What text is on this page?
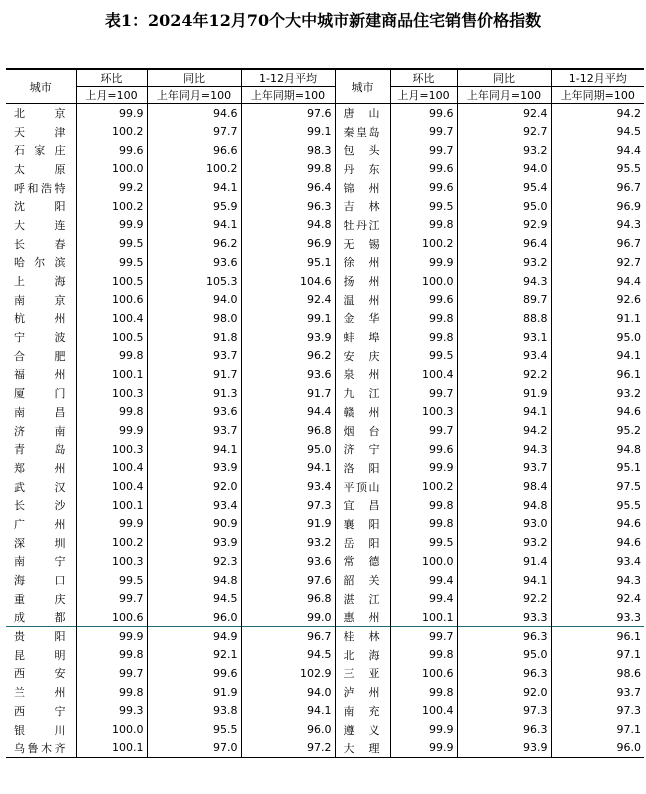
表1：2024年12月70个大中城市新建商品住宅销售价格指数
城市	环比	同比	1-12月平均	城市	环比	同比	1-12月平均
	上月=100	上年同月=100	上年同期=100		上月=100	上年同月=100	上年同期=100
北京	99.9	94.6	97.6	唐山	99.6	92.4	94.2
天津	100.2	97.7	99.1	秦皇岛	99.7	92.7	94.5
石家庄	99.6	96.6	98.3	包头	99.7	93.2	94.4
太原	100.0	100.2	99.8	丹东	99.6	94.0	95.5
呼和浩特	99.2	94.1	96.4	锦州	99.6	95.4	96.7
沈阳	100.2	95.9	96.3	吉林	99.5	95.0	96.9
大连	99.9	94.1	94.8	牡丹江	99.8	92.9	94.3
长春	99.5	96.2	96.9	无锡	100.2	96.4	96.7
哈尔滨	99.5	93.6	95.1	徐州	99.9	93.2	92.7
上海	100.5	105.3	104.6	扬州	100.0	94.3	94.4
南京	100.6	94.0	92.4	温州	99.6	89.7	92.6
杭州	100.4	98.0	99.1	金华	99.8	88.8	91.1
宁波	100.5	91.8	93.9	蚌埠	99.8	93.1	95.0
合肥	99.8	93.7	96.2	安庆	99.5	93.4	94.1
福州	100.1	91.7	93.6	泉州	100.4	92.2	96.1
厦门	100.3	91.3	91.7	九江	99.7	91.9	93.2
南昌	99.8	93.6	94.4	赣州	100.3	94.1	94.6
济南	99.9	93.7	96.8	烟台	99.7	94.2	95.2
青岛	100.3	94.1	95.0	济宁	99.6	94.3	94.8
郑州	100.4	93.9	94.1	洛阳	99.9	93.7	95.1
武汉	100.4	92.0	93.4	平顶山	100.2	98.4	97.5
长沙	100.1	93.4	97.3	宜昌	99.8	94.8	95.5
广州	99.9	90.9	91.9	襄阳	99.8	93.0	94.6
深圳	100.2	93.9	93.2	岳阳	99.5	93.2	94.6
南宁	100.3	92.3	93.6	常德	100.0	91.4	93.4
海口	99.5	94.8	97.6	韶关	99.4	94.1	94.3
重庆	99.7	94.5	96.8	湛江	99.4	92.2	92.4
成都	100.6	96.0	99.0	惠州	100.1	93.3	93.3
贵阳	99.9	94.9	96.7	桂林	99.7	96.3	96.1
昆明	99.8	92.1	94.5	北海	99.8	95.0	97.1
西安	99.7	99.6	102.9	三亚	100.6	96.3	98.6
兰州	99.8	91.9	94.0	泸州	99.8	92.0	93.7
西宁	99.3	93.8	94.1	南充	100.4	97.3	97.3
银川	100.0	95.5	96.0	遵义	99.9	96.3	97.1
乌鲁木齐	100.1	97.0	97.2	大理	99.9	93.9	96.0
